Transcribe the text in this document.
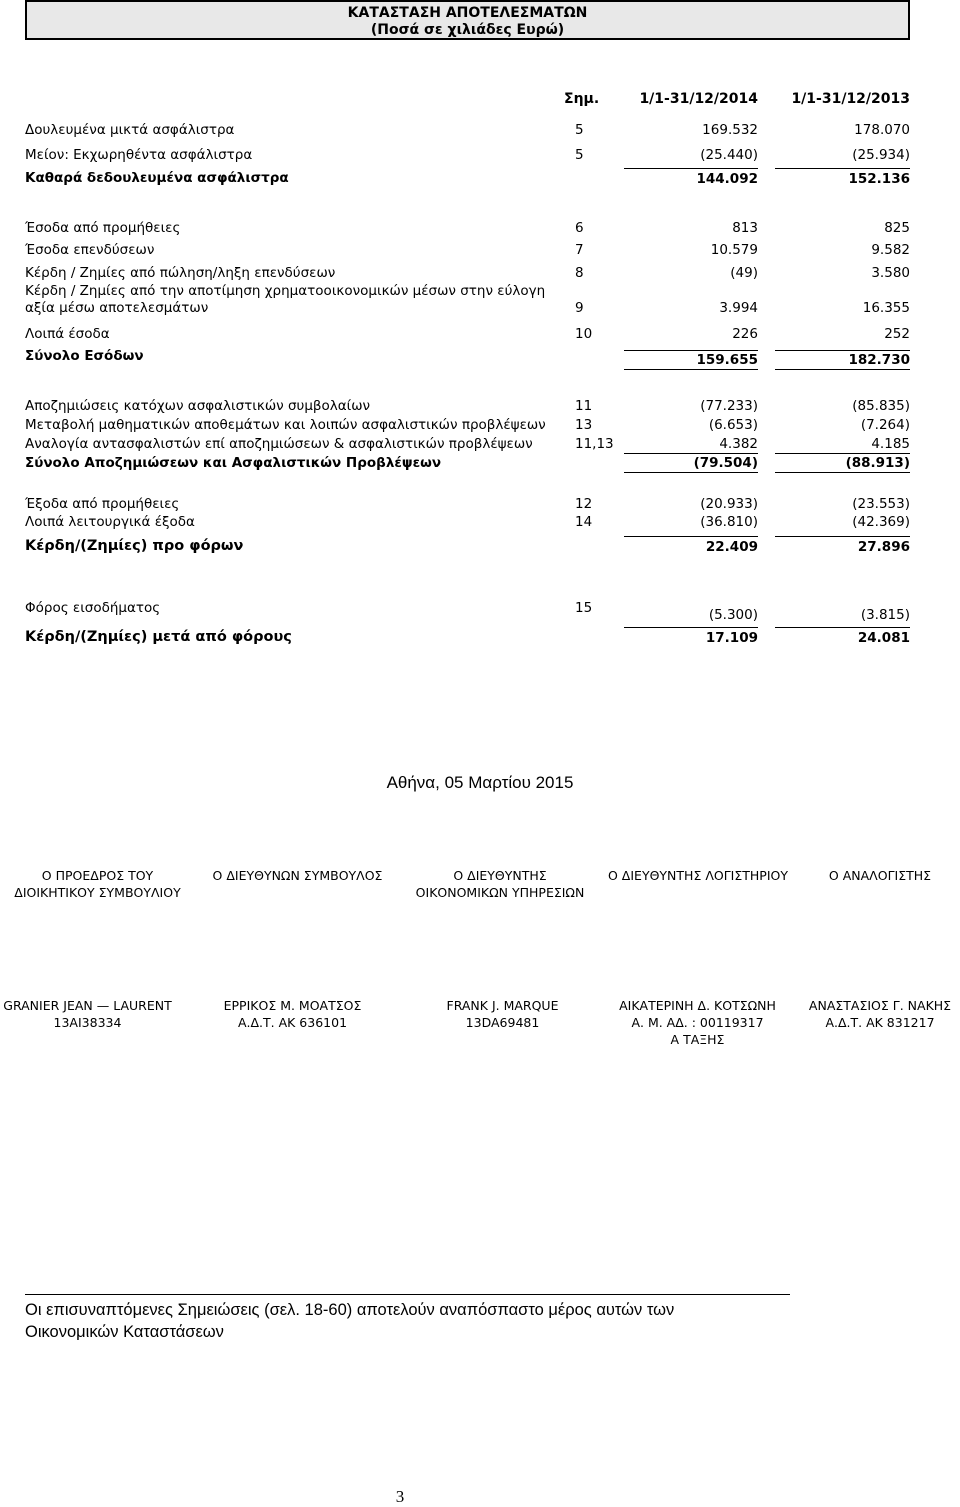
ΚΑΤΑΣΤΑΣΗ ΑΠΟΤΕΛΕΣΜΑΤΩΝ
(Ποσά σε χιλιάδες Ευρώ)
Σημ.	1/1-31/12/2014 1/1-31/12/2013
Δουλευμένα μικτά ασφάλιστρα	5	169.532	178.070
Μείον: Εκχωρηθέντα ασφάλιστρα	5	(25.440)	(25.934)
Καθαρά δεδουλευμένα ασφάλιστρα	144.092	152.136
Έσοδα από προμήθειες	6	813	825
Έσοδα επενδύσεων	7	10.579	9.582
Κέρδη / Ζημίες από πώληση/ληξη επενδύσεων	8	(49)	3.580
Κέρδη / Ζημίες από την αποτίμηση χρηματοοικονομικών μέσων στην εύλογη αξία μέσω αποτελεσμάτων	9	3.994	16.355
Λοιπά έσοδα	10	226	252
Σύνολο Εσόδων	159.655	182.730
Αποζημιώσεις κατόχων ασφαλιστικών συμβολαίων	11	(77.233)	(85.835)
Μεταβολή μαθηματικών αποθεμάτων και λοιπών ασφαλιστικών προβλέψεων 13	(6.653)	(7.264)
Αναλογία αντασφαλιστών επί αποζημιώσεων & ασφαλιστικών προβλέψεων	11,13	4.382	4.185
Σύνολο Αποζημιώσεων και Ασφαλιστικών Προβλέψεων	(79.504)	(88.913)
Έξοδα από προμήθειες	12	(20.933)	(23.553)
Λοιπά λειτουργικά έξοδα	14	(36.810)	(42.369)
Κέρδη/(Ζημίες) προ φόρων	22.409	27.896
Φόρος εισοδήματος	15	(5.300)	(3.815)
Κέρδη/(Ζημίες) μετά από φόρους	17.109	24.081
Αθήνα, 05 Μαρτίου 2015
Ο ΠΡΟΕΔΡΟΣ ΤΟΥ
ΔΙΟΙΚΗΤΙΚΟΥ ΣΥΜΒΟΥΛΙΟΥ
Ο ΔΙΕΥΘΥΝΩΝ ΣΥΜΒΟΥΛΟΣ	Ο ΔΙΕΥΘΥΝΤΗΣ
ΟΙΚΟΝΟΜΙΚΩΝ ΥΠΗΡΕΣΙΩΝ
Ο ΔΙΕΥΘΥΝΤΗΣ ΛΟΓΙΣΤΗΡΙΟΥ	Ο ΑΝΑΛΟΓΙΣΤΗΣ
GRANIER JEAN — LAURENT
13AI38334
ΕΡΡΙΚΟΣ Μ. ΜΟΑΤΣΟΣ
Α.Δ.Τ. ΑΚ 636101
FRANK J. MARQUE
13DA69481
ΑΙΚΑΤΕΡΙΝΗ Δ. ΚΟΤΣΩΝΗ
Α. Μ. ΑΔ. : 00119317
Α ΤΑΞΗΣ
ΑΝΑΣΤΑΣΙΟΣ Γ. ΝΑΚΗΣ
Α.Δ.Τ. ΑΚ 831217
Οι επισυναπτόμενες Σημειώσεις (σελ. 18-60) αποτελούν αναπόσπαστο μέρος αυτών των Οικονομικών Καταστάσεων
3
